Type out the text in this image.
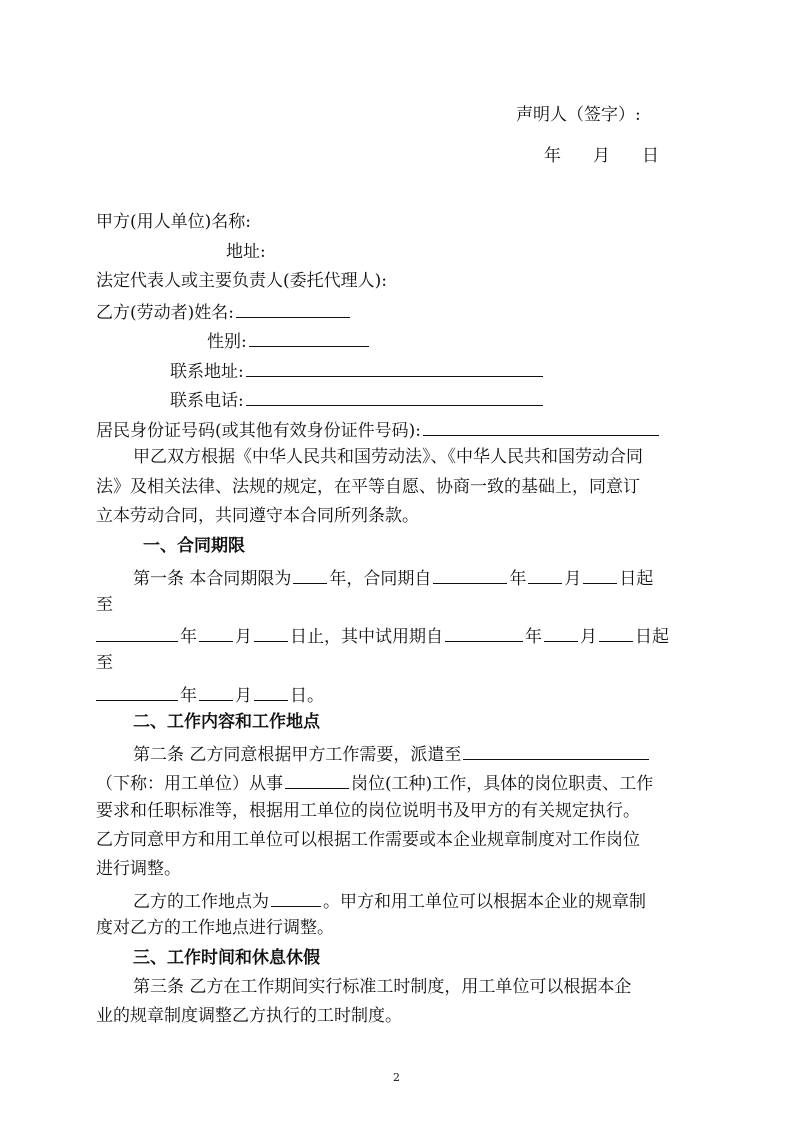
声明人（签字）:
年 月 日
甲方(用人单位)名称:
地址:
法定代表人或主要负责人(委托代理人):
乙方(劳动者)姓名:
性别:
联系地址:
联系电话:
居民身份证号码(或其他有效身份证件号码):
甲乙双方根据《中华人民共和国劳动法》、《中华人民共和国劳动合同
法》及相关法律、法规的规定，在平等自愿、协商一致的基础上，同意订
立本劳动合同，共同遵守本合同所列条款。
一、合同期限
第一条 本合同期限为 年，合同期自	年 月 日起
至
年 月 日止，其中试用期自	年 月 日起
至
年 月 日。
二、工作内容和工作地点
第二条 乙方同意根据甲方工作需要，派遣至
（下称：用工单位）从事	岗位(工种)工作，具体的岗位职责、工作
要求和任职标准等，根据用工单位的岗位说明书及甲方的有关规定执行。
乙方同意甲方和用工单位可以根据工作需要或本企业规章制度对工作岗位
进行调整。
乙方的工作地点为	。甲方和用工单位可以根据本企业的规章制
度对乙方的工作地点进行调整。
三、工作时间和休息休假
第三条 乙方在工作期间实行标准工时制度，用工单位可以根据本企
业的规章制度调整乙方执行的工时制度。
2
